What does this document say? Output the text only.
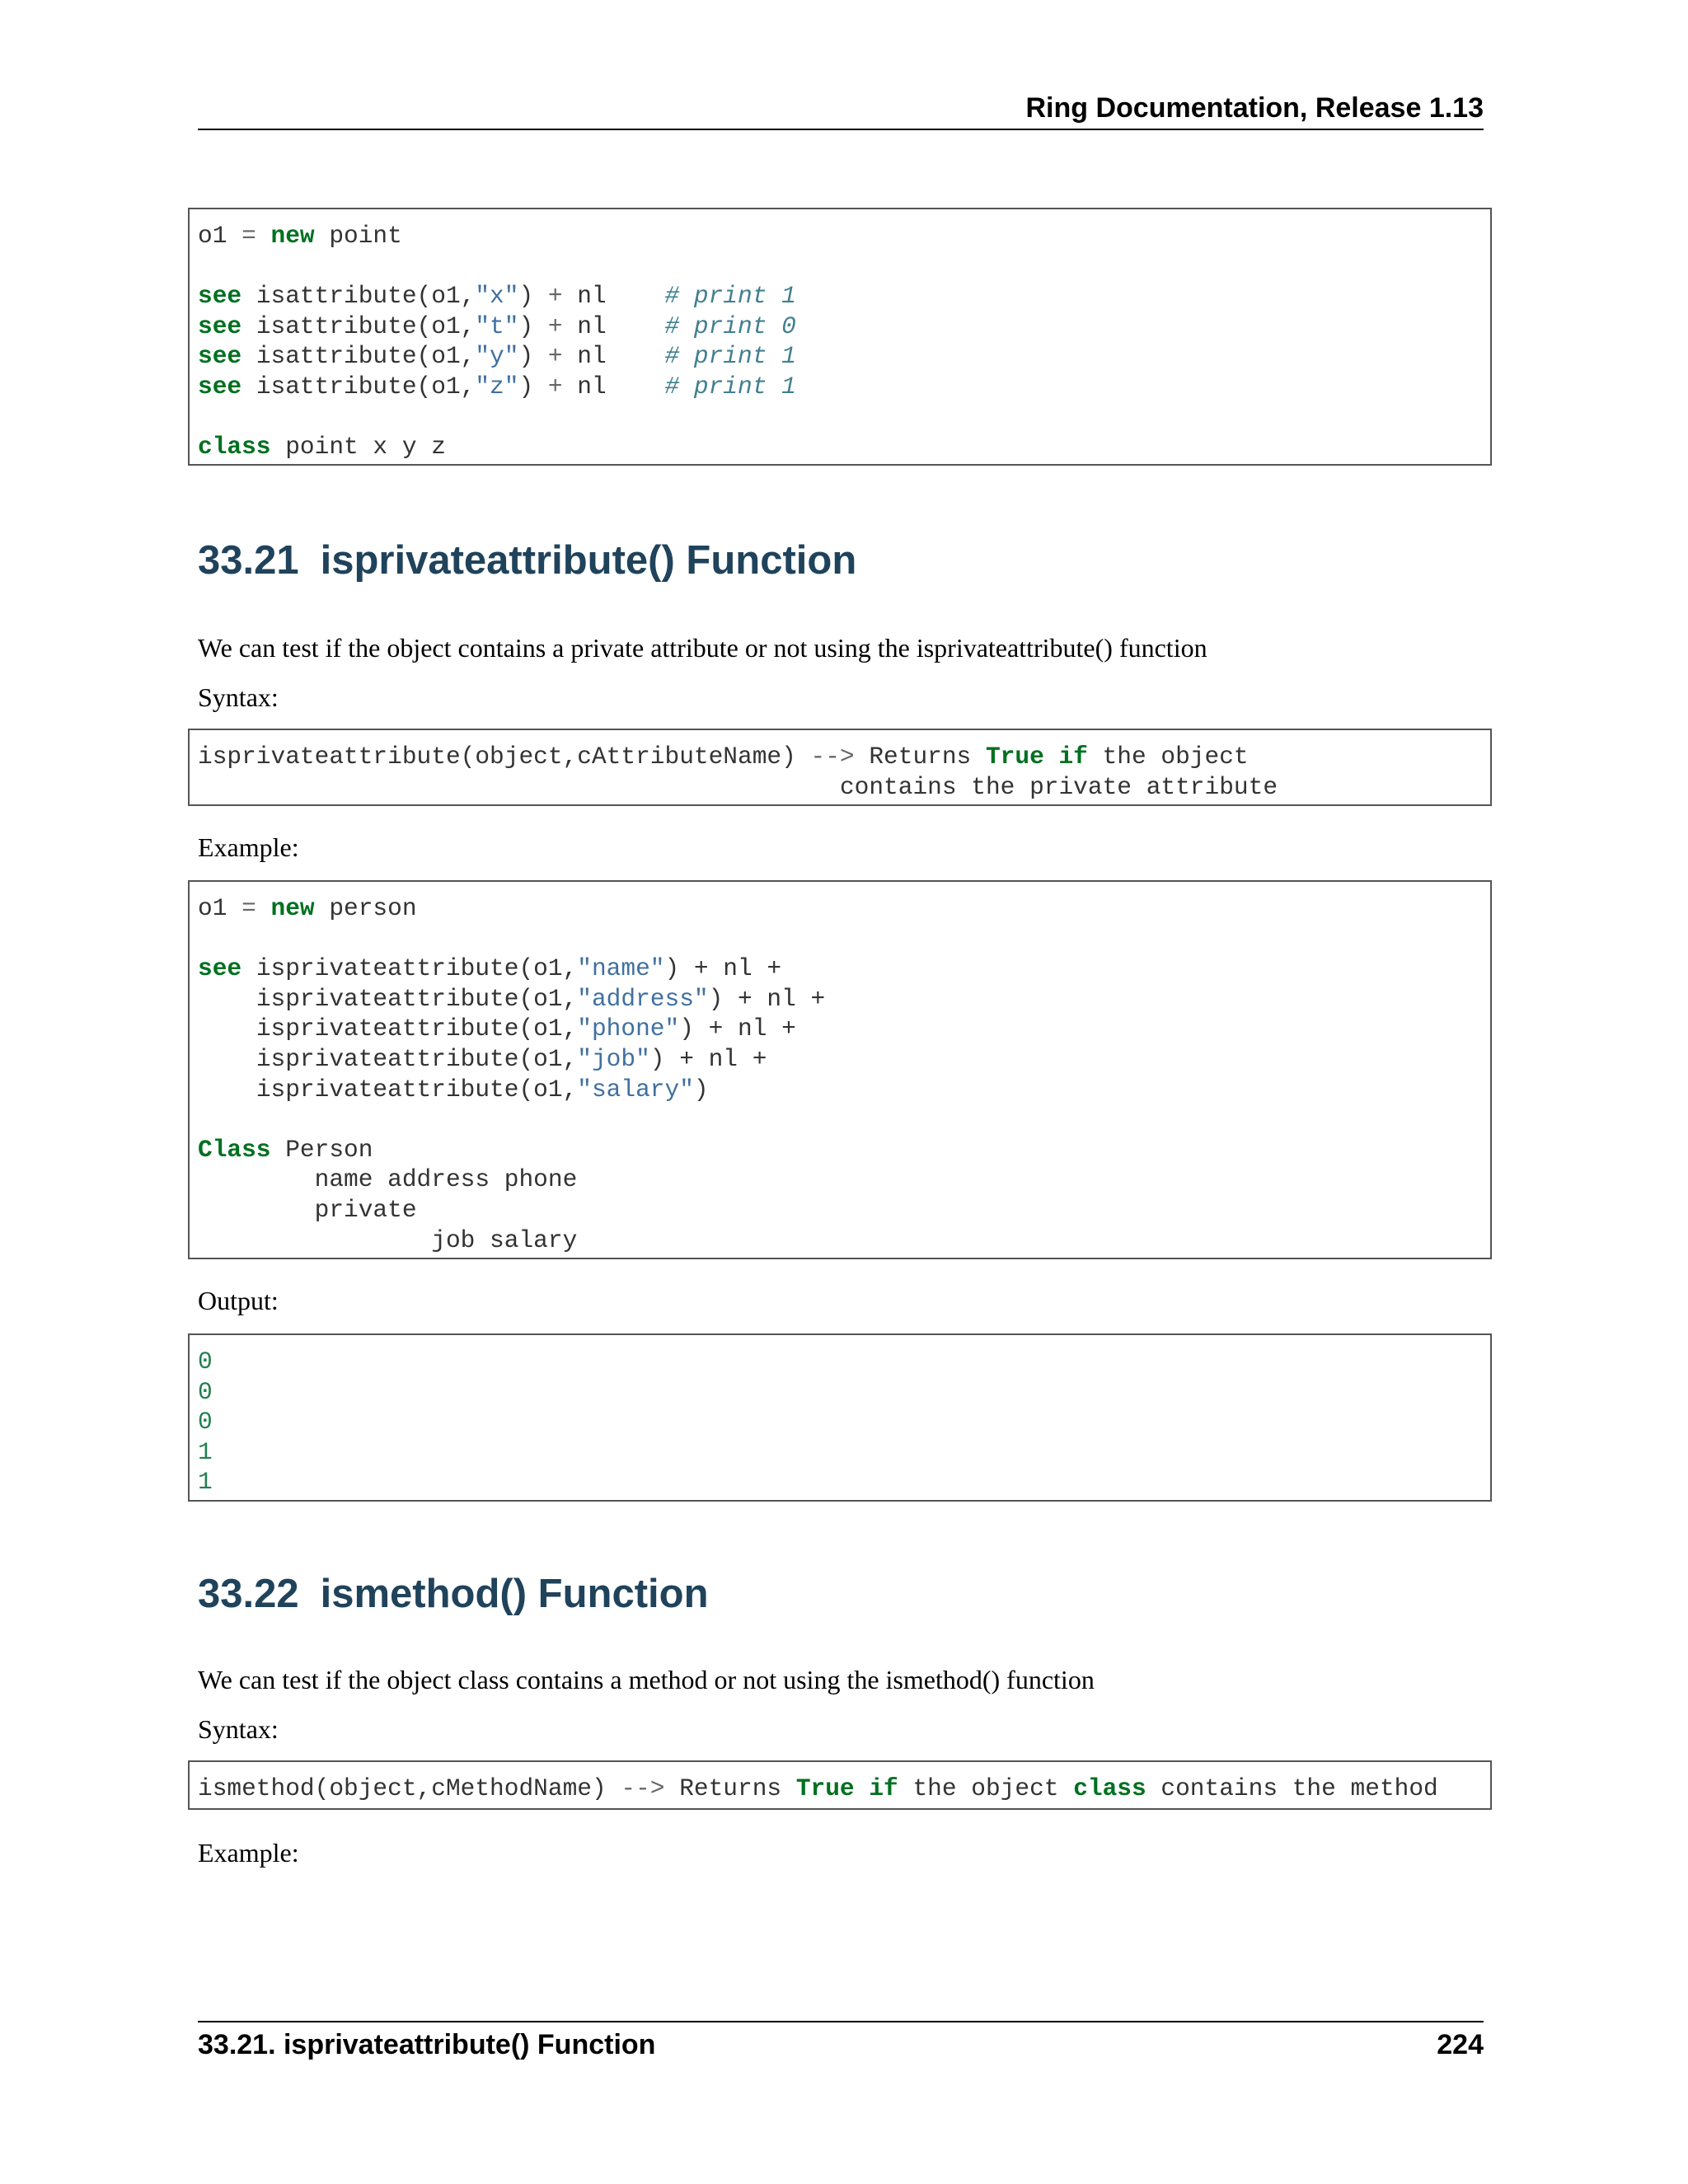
Ring Documentation, Release 1.13
o1 = new point

see isattribute(o1,"x") + nl # print 1
see isattribute(o1,"t") + nl # print 0
see isattribute(o1,"y") + nl # print 1
see isattribute(o1,"z") + nl # print 1

class point x y z
33.21 isprivateattribute() Function

We can test if the object contains a private attribute or not using the isprivateattribute() function

Syntax:

isprivateattribute(object,cAttributeName) --> Returns True if the object
contains the private attribute

Example:

o1 = new person

see isprivateattribute(o1,"name") + nl +
isprivateattribute(o1,"address") + nl +
isprivateattribute(o1,"phone") + nl +
isprivateattribute(o1,"job") + nl +
isprivateattribute(o1,"salary")

Class Person
name address phone
private
job salary

Output:

0
0
0
1
1
33.22 ismethod() Function

We can test if the object class contains a method or not using the ismethod() function

Syntax:

ismethod(object,cMethodName) --> Returns True if the object class contains the method

Example:

33.21. isprivateattribute() Function	224
